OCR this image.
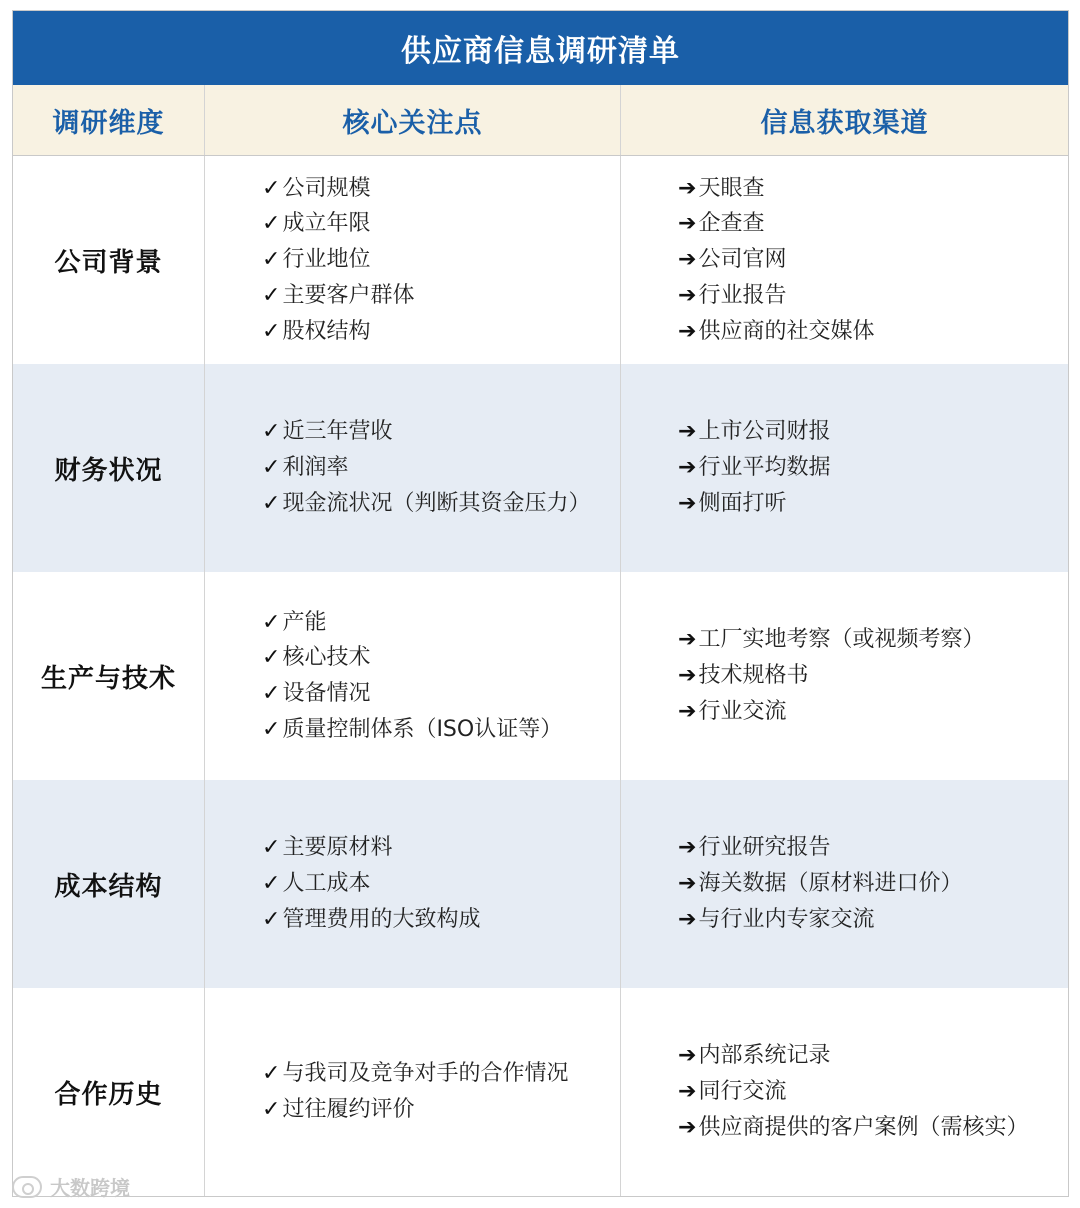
供应商信息调研清单
调研维度	核心关注点	信息获取渠道
公司背景
✓公司规模
✓成立年限
✓行业地位
✓主要客户群体
✓股权结构
➔天眼查
➔企查查
➔公司官网
➔行业报告
➔供应商的社交媒体
财务状况
✓近三年营收
✓利润率
✓现金流状况（判断其资金压力）
➔上市公司财报
➔行业平均数据
➔侧面打听
生产与技术
✓产能
✓核心技术
✓设备情况
✓质量控制体系（ISO认证等）
➔工厂实地考察（或视频考察）
➔技术规格书
➔行业交流
成本结构
✓主要原材料
✓人工成本
✓管理费用的大致构成
➔行业研究报告
➔海关数据（原材料进口价）
➔与行业内专家交流
合作历史
✓与我司及竞争对手的合作情况
✓过往履约评价
➔内部系统记录
➔同行交流
➔供应商提供的客户案例（需核实）
大数跨境
